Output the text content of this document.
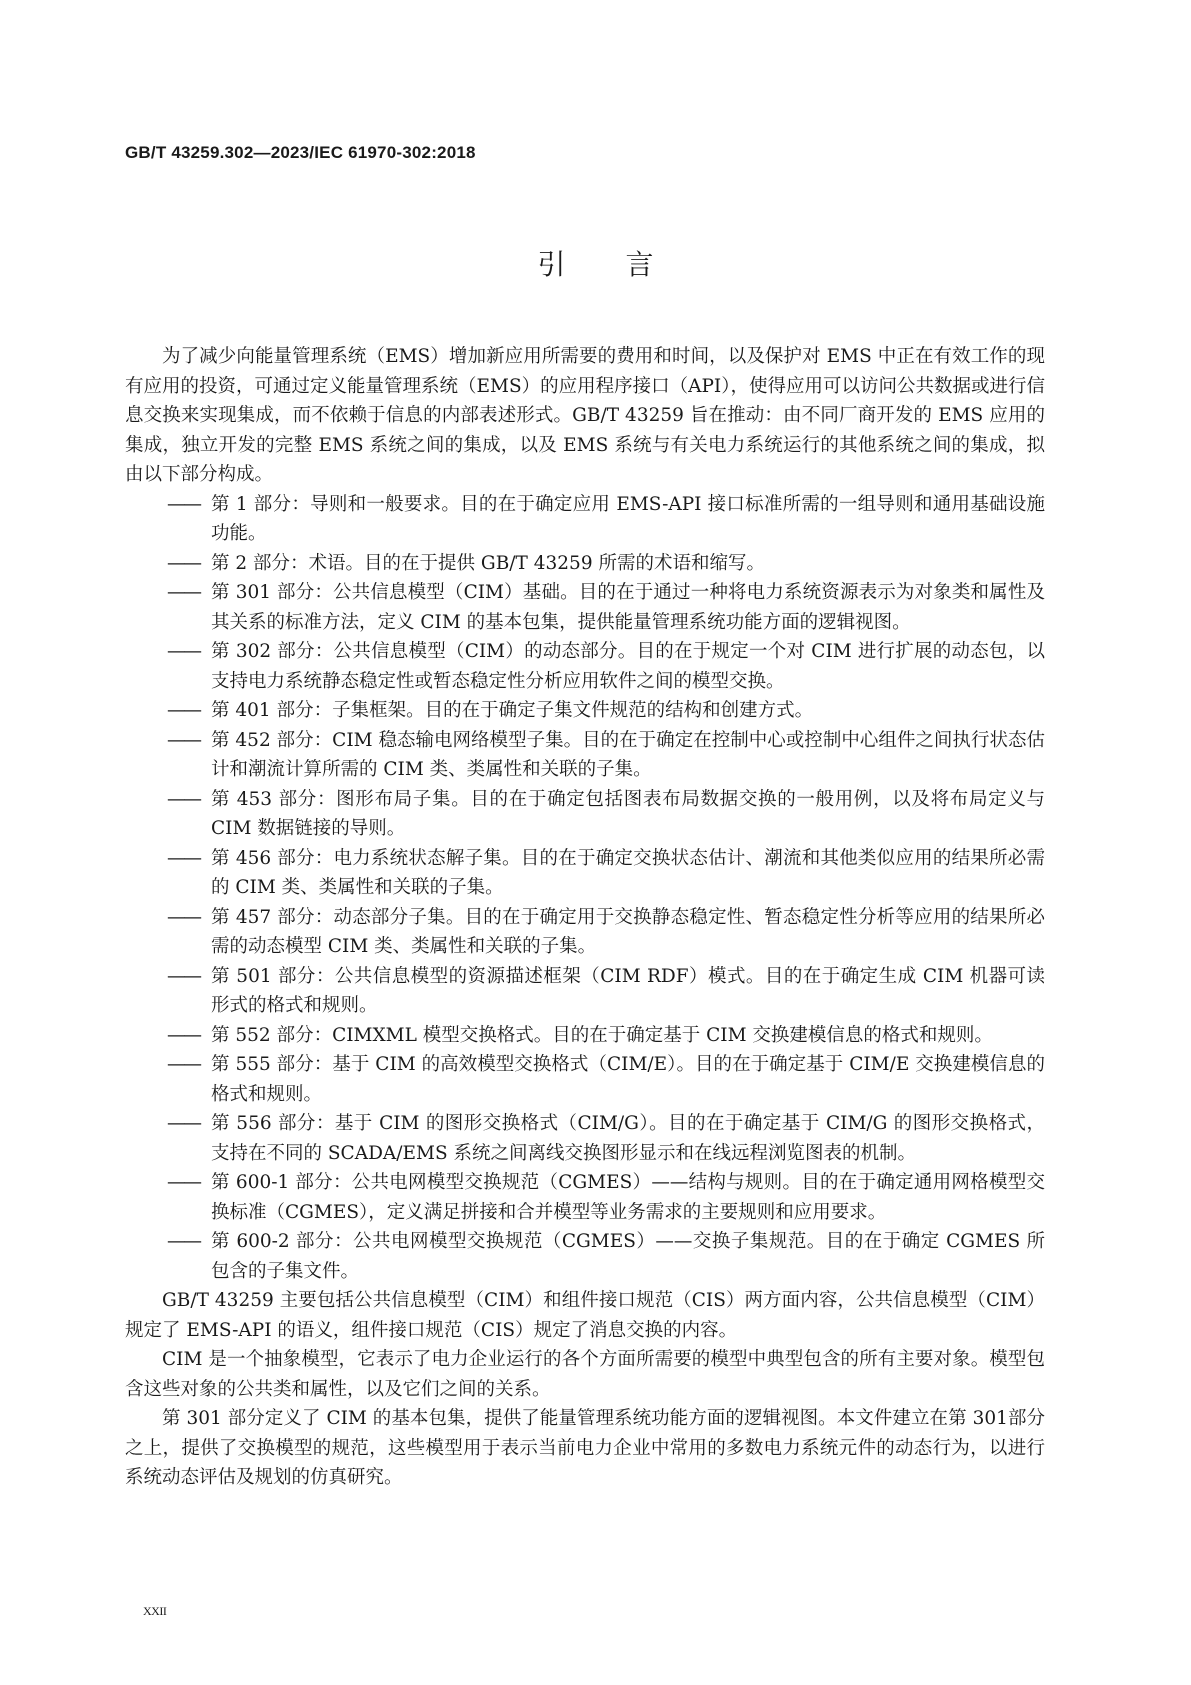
GB/T 43259.302—2023/IEC 61970-302:2018
引言

为了减少向能量管理系统（EMS）增加新应用所需要的费用和时间，以及保护对 EMS 中正在有效工作的现有应用的投资，可通过定义能量管理系统（EMS）的应用程序接口（API），使得应用可以访问公共数据或进行信息交换来实现集成，而不依赖于信息的内部表述形式。GB/T 43259 旨在推动：由不同厂商开发的 EMS 应用的集成，独立开发的完整 EMS 系统之间的集成，以及 EMS 系统与有关电力系统运行的其他系统之间的集成，拟由以下部分构成。

—— 第 1 部分：导则和一般要求。目的在于确定应用 EMS-API 接口标准所需的一组导则和通用基础设施功能。
—— 第 2 部分：术语。目的在于提供 GB/T 43259 所需的术语和缩写。
—— 第 301 部分：公共信息模型（CIM）基础。目的在于通过一种将电力系统资源表示为对象类和属性及其关系的标准方法，定义 CIM 的基本包集，提供能量管理系统功能方面的逻辑视图。
—— 第 302 部分：公共信息模型（CIM）的动态部分。目的在于规定一个对 CIM 进行扩展的动态包，以支持电力系统静态稳定性或暂态稳定性分析应用软件之间的模型交换。
—— 第 401 部分：子集框架。目的在于确定子集文件规范的结构和创建方式。
—— 第 452 部分：CIM 稳态输电网络模型子集。目的在于确定在控制中心或控制中心组件之间执行状态估计和潮流计算所需的 CIM 类、类属性和关联的子集。
—— 第 453 部分：图形布局子集。目的在于确定包括图表布局数据交换的一般用例，以及将布局定义与 CIM 数据链接的导则。
—— 第 456 部分：电力系统状态解子集。目的在于确定交换状态估计、潮流和其他类似应用的结果所必需的 CIM 类、类属性和关联的子集。
—— 第 457 部分：动态部分子集。目的在于确定用于交换静态稳定性、暂态稳定性分析等应用的结果所必需的动态模型 CIM 类、类属性和关联的子集。
—— 第 501 部分：公共信息模型的资源描述框架（CIM RDF）模式。目的在于确定生成 CIM 机器可读形式的格式和规则。
—— 第 552 部分：CIMXML 模型交换格式。目的在于确定基于 CIM 交换建模信息的格式和规则。
—— 第 555 部分：基于 CIM 的高效模型交换格式（CIM/E）。目的在于确定基于 CIM/E 交换建模信息的格式和规则。
—— 第 556 部分：基于 CIM 的图形交换格式（CIM/G）。目的在于确定基于 CIM/G 的图形交换格式，支持在不同的 SCADA/EMS 系统之间离线交换图形显示和在线远程浏览图表的机制。
—— 第 600-1 部分：公共电网模型交换规范（CGMES）——结构与规则。目的在于确定通用网格模型交换标准（CGMES），定义满足拼接和合并模型等业务需求的主要规则和应用要求。
—— 第 600-2 部分：公共电网模型交换规范（CGMES）——交换子集规范。目的在于确定 CGMES 所包含的子集文件。

GB/T 43259 主要包括公共信息模型（CIM）和组件接口规范（CIS）两方面内容，公共信息模型（CIM）规定了 EMS-API 的语义，组件接口规范（CIS）规定了消息交换的内容。

CIM 是一个抽象模型，它表示了电力企业运行的各个方面所需要的模型中典型包含的所有主要对象。模型包含这些对象的公共类和属性，以及它们之间的关系。

第 301 部分定义了 CIM 的基本包集，提供了能量管理系统功能方面的逻辑视图。本文件建立在第 301部分之上，提供了交换模型的规范，这些模型用于表示当前电力企业中常用的多数电力系统元件的动态行为，以进行系统动态评估及规划的仿真研究。

XXII
